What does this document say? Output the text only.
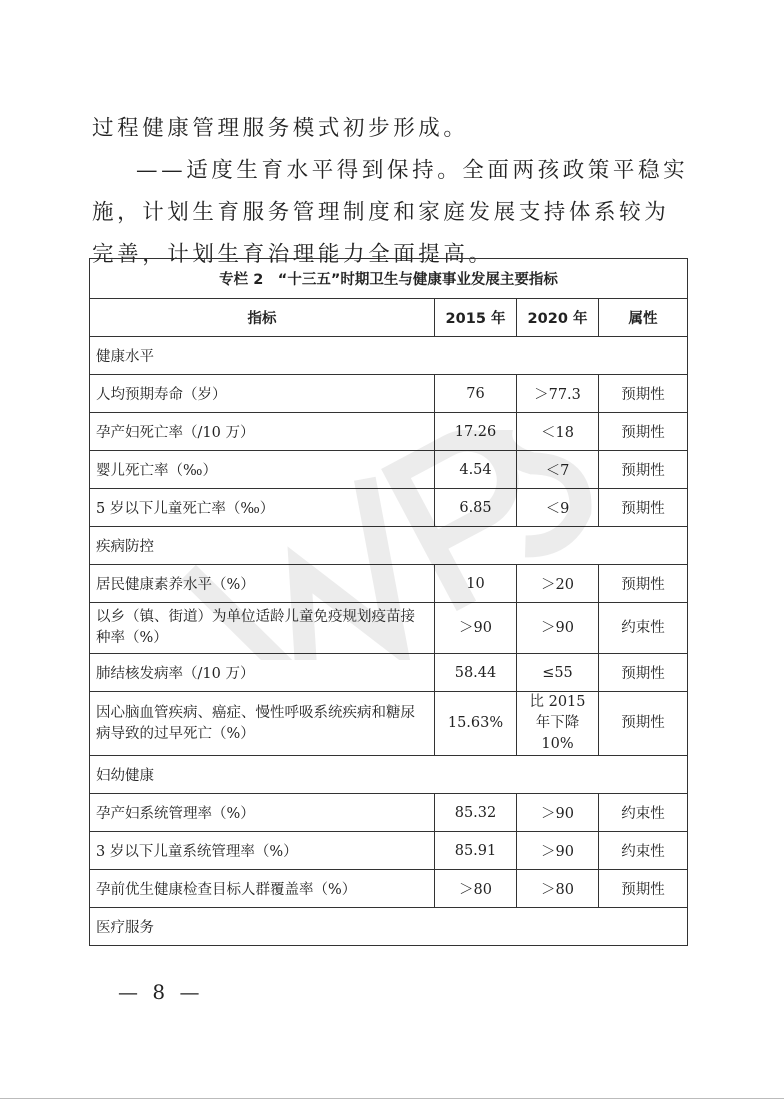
过程健康管理服务模式初步形成。
——适度生育水平得到保持。全面两孩政策平稳实施，计划生育服务管理制度和家庭发展支持体系较为完善，计划生育治理能力全面提高。
专栏 2　“十三五”时期卫生与健康事业发展主要指标			
指标	2015 年	2020 年	属性
健康水平			
人均预期寿命（岁）	76	＞77.3	预期性
孕产妇死亡率（/10 万）	17.26	＜18	预期性
婴儿死亡率（‰）	4.54	＜7	预期性
5 岁以下儿童死亡率（‰）	6.85	＜9	预期性
疾病防控			
居民健康素养水平（%）	10	＞20	预期性
以乡（镇、街道）为单位适龄儿童免疫规划疫苗接种率（%）	＞90	＞90	约束性
肺结核发病率（/10 万）	58.44	≤55	预期性
因心脑血管疾病、癌症、慢性呼吸系统疾病和糖尿病导致的过早死亡（%）	15.63%	比 2015 年下降 10%	预期性
妇幼健康			
孕产妇系统管理率（%）	85.32	＞90	约束性
3 岁以下儿童系统管理率（%）	85.91	＞90	约束性
孕前优生健康检查目标人群覆盖率（%）	＞80	＞80	预期性
医疗服务			
— 8 —
